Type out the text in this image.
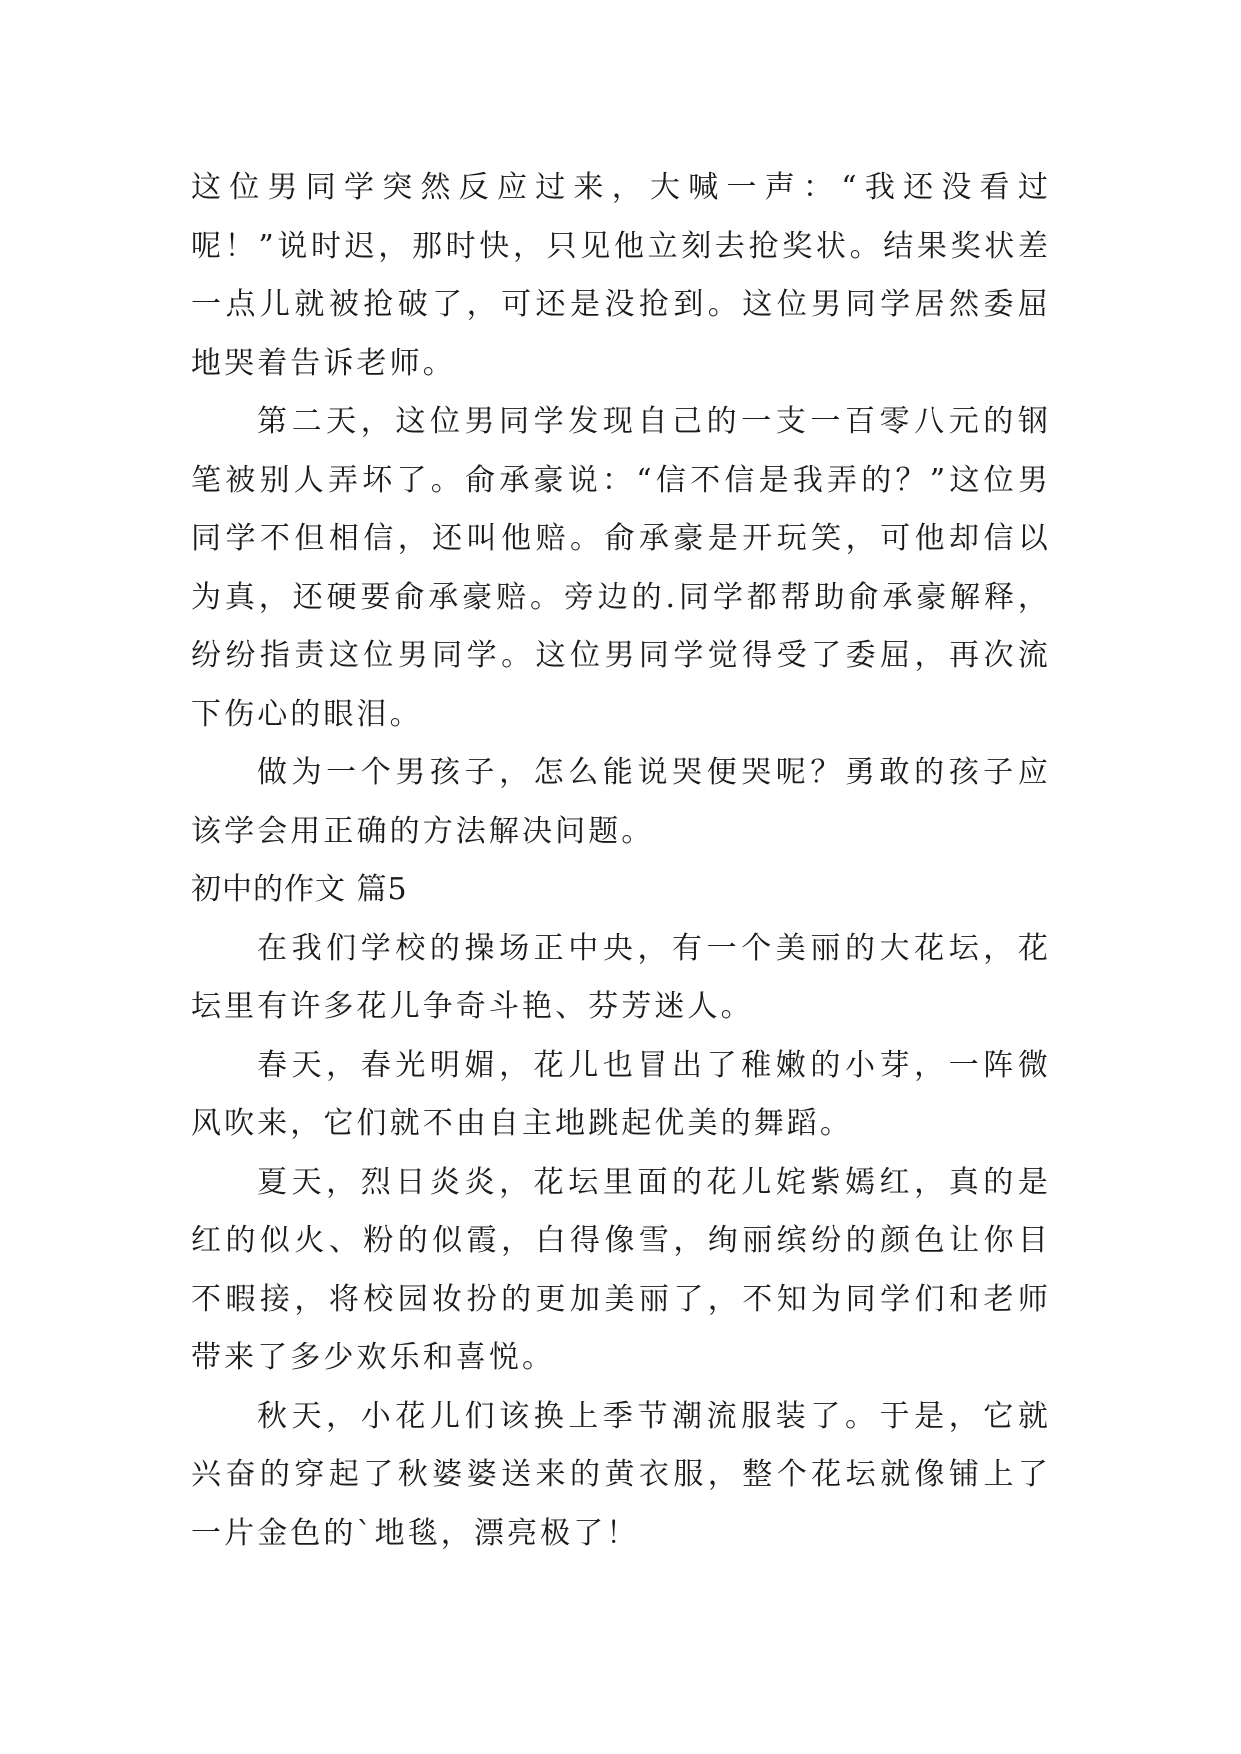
这位男同学突然反应过来，大喊一声：“我还没看过呢！”说时迟，那时快，只见他立刻去抢奖状。结果奖状差一点儿就被抢破了，可还是没抢到。这位男同学居然委屈地哭着告诉老师。

第二天，这位男同学发现自己的一支一百零八元的钢笔被别人弄坏了。俞承豪说：“信不信是我弄的？”这位男同学不但相信，还叫他赔。俞承豪是开玩笑，可他却信以为真，还硬要俞承豪赔。旁边的.同学都帮助俞承豪解释，纷纷指责这位男同学。这位男同学觉得受了委屈，再次流下伤心的眼泪。

做为一个男孩子，怎么能说哭便哭呢？勇敢的孩子应该学会用正确的方法解决问题。

初中的作文 篇5

在我们学校的操场正中央，有一个美丽的大花坛，花坛里有许多花儿争奇斗艳、芬芳迷人。

春天，春光明媚，花儿也冒出了稚嫩的小芽，一阵微风吹来，它们就不由自主地跳起优美的舞蹈。

夏天，烈日炎炎，花坛里面的花儿姹紫嫣红，真的是红的似火、粉的似霞，白得像雪，绚丽缤纷的颜色让你目不暇接，将校园妆扮的更加美丽了，不知为同学们和老师带来了多少欢乐和喜悦。

秋天，小花儿们该换上季节潮流服装了。于是，它就兴奋的穿起了秋婆婆送来的黄衣服，整个花坛就像铺上了一片金色的`地毯，漂亮极了！
